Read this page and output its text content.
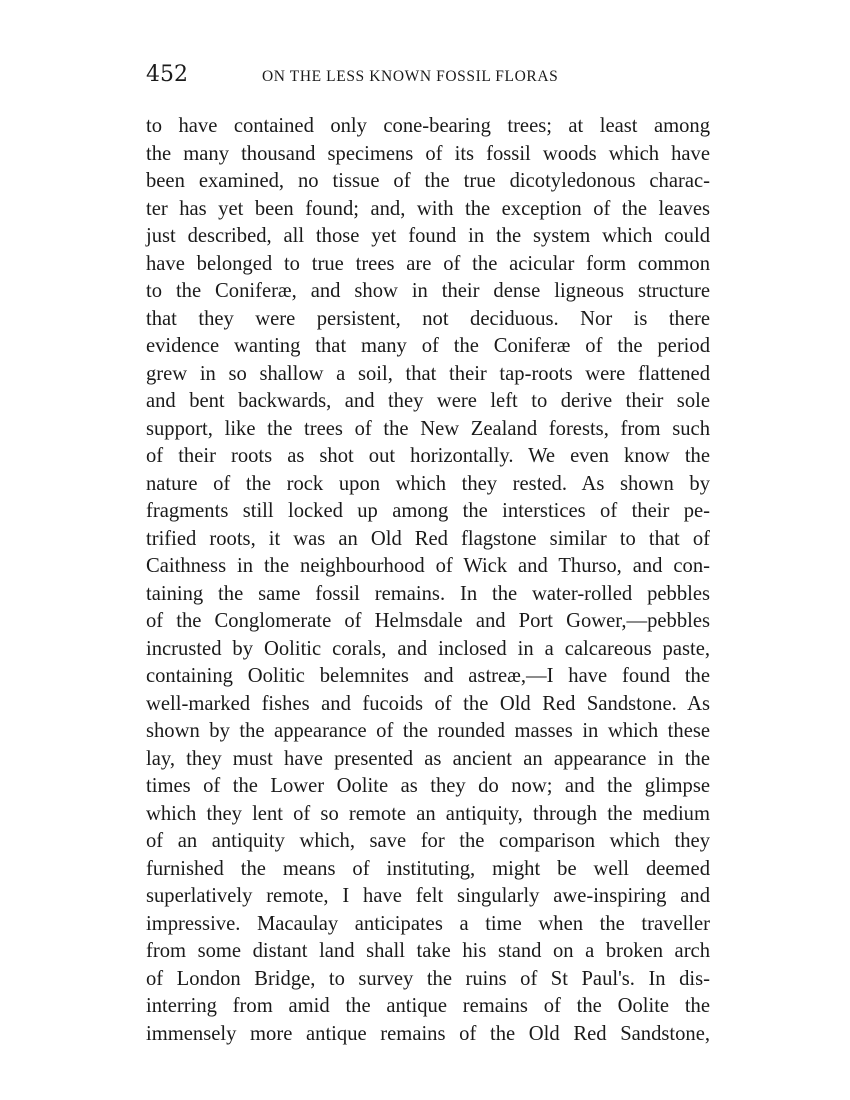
452	ON THE LESS KNOWN FOSSIL FLORAS
to have contained only cone-bearing trees; at least among
the many thousand specimens of its fossil woods which have
been examined, no tissue of the true dicotyledonous charac-
ter has yet been found; and, with the exception of the leaves
just described, all those yet found in the system which could
have belonged to true trees are of the acicular form common
to the Coniferæ, and show in their dense ligneous structure
that they were persistent, not deciduous. Nor is there
evidence wanting that many of the Coniferæ of the period
grew in so shallow a soil, that their tap-roots were flattened
and bent backwards, and they were left to derive their sole
support, like the trees of the New Zealand forests, from such
of their roots as shot out horizontally. We even know the
nature of the rock upon which they rested. As shown by
fragments still locked up among the interstices of their pe-
trified roots, it was an Old Red flagstone similar to that of
Caithness in the neighbourhood of Wick and Thurso, and con-
taining the same fossil remains. In the water-rolled pebbles
of the Conglomerate of Helmsdale and Port Gower,—pebbles
incrusted by Oolitic corals, and inclosed in a calcareous paste,
containing Oolitic belemnites and astreæ,—I have found the
well-marked fishes and fucoids of the Old Red Sandstone. As
shown by the appearance of the rounded masses in which these
lay, they must have presented as ancient an appearance in the
times of the Lower Oolite as they do now; and the glimpse
which they lent of so remote an antiquity, through the medium
of an antiquity which, save for the comparison which they
furnished the means of instituting, might be well deemed
superlatively remote, I have felt singularly awe-inspiring and
impressive. Macaulay anticipates a time when the traveller
from some distant land shall take his stand on a broken arch
of London Bridge, to survey the ruins of St Paul's. In dis-
interring from amid the antique remains of the Oolite the
immensely more antique remains of the Old Red Sandstone,
